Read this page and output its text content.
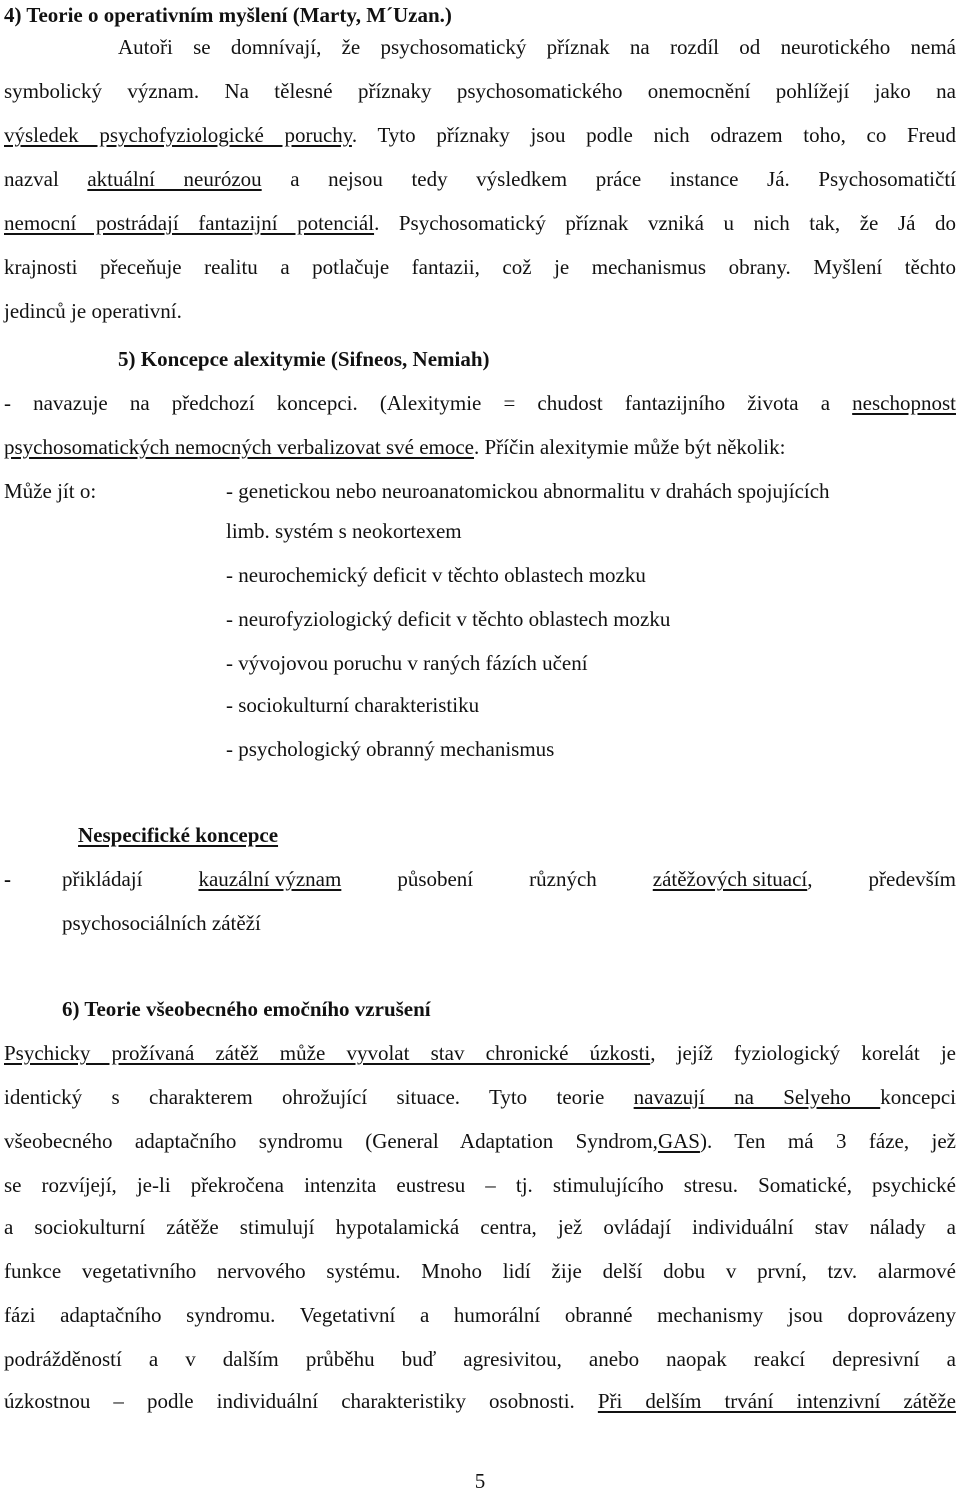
4) Teorie o operativním myšlení (Marty, M´Uzan.)
Autoři se domnívají, že psychosomatický příznak na rozdíl od neurotického nemá
symbolický význam. Na tělesné příznaky psychosomatického onemocnění pohlížejí jako na
výsledek psychofyziologické poruchy. Tyto příznaky jsou podle nich odrazem toho, co Freud
nazval aktuální neurózou a nejsou tedy výsledkem práce instance Já. Psychosomatičtí
nemocní postrádají fantazijní potenciál. Psychosomatický příznak vzniká u nich tak, že Já do
krajnosti přeceňuje realitu a potlačuje fantazii, což je mechanismus obrany. Myšlení těchto
jedinců je operativní.
5) Koncepce alexitymie (Sifneos, Nemiah)
- navazuje na předchozí koncepci. (Alexitymie = chudost fantazijního života a neschopnost
psychosomatických nemocných verbalizovat své emoce. Příčin alexitymie může být několik:
Může jít o:	- genetickou nebo neuroanatomickou abnormalitu v drahách spojujících
limb. systém s neokortexem
- neurochemický deficit v těchto oblastech mozku
- neurofyziologický deficit v těchto oblastech mozku
- vývojovou poruchu v raných fázích učení
- sociokulturní charakteristiku
- psychologický obranný mechanismus
Nespecifické koncepce
- přikládají	kauzální význam	působení	různých	zátěžových situací,	především
psychosociálních zátěží
6) Teorie všeobecného emočního vzrušení
Psychicky prožívaná zátěž může vyvolat stav chronické úzkosti, jejíž fyziologický korelát je
identický s charakterem ohrožující situace. Tyto teorie navazují na Selyeho koncepci
všeobecného adaptačního syndromu (General Adaptation Syndrom,GAS). Ten má 3 fáze, jež
se rozvíjejí, je-li překročena intenzita eustresu – tj. stimulujícího stresu. Somatické, psychické
a sociokulturní zátěže stimulují hypotalamická centra, jež ovládají individuální stav nálady a
funkce vegetativního nervového systému. Mnoho lidí žije delší dobu v první, tzv. alarmové
fázi adaptačního syndromu. Vegetativní a humorální obranné mechanismy jsou doprovázeny
podrážděností a v dalším průběhu buď agresivitou, anebo naopak reakcí depresivní a
úzkostnou – podle individuální charakteristiky osobnosti. Při delším trvání intenzivní zátěže
5
